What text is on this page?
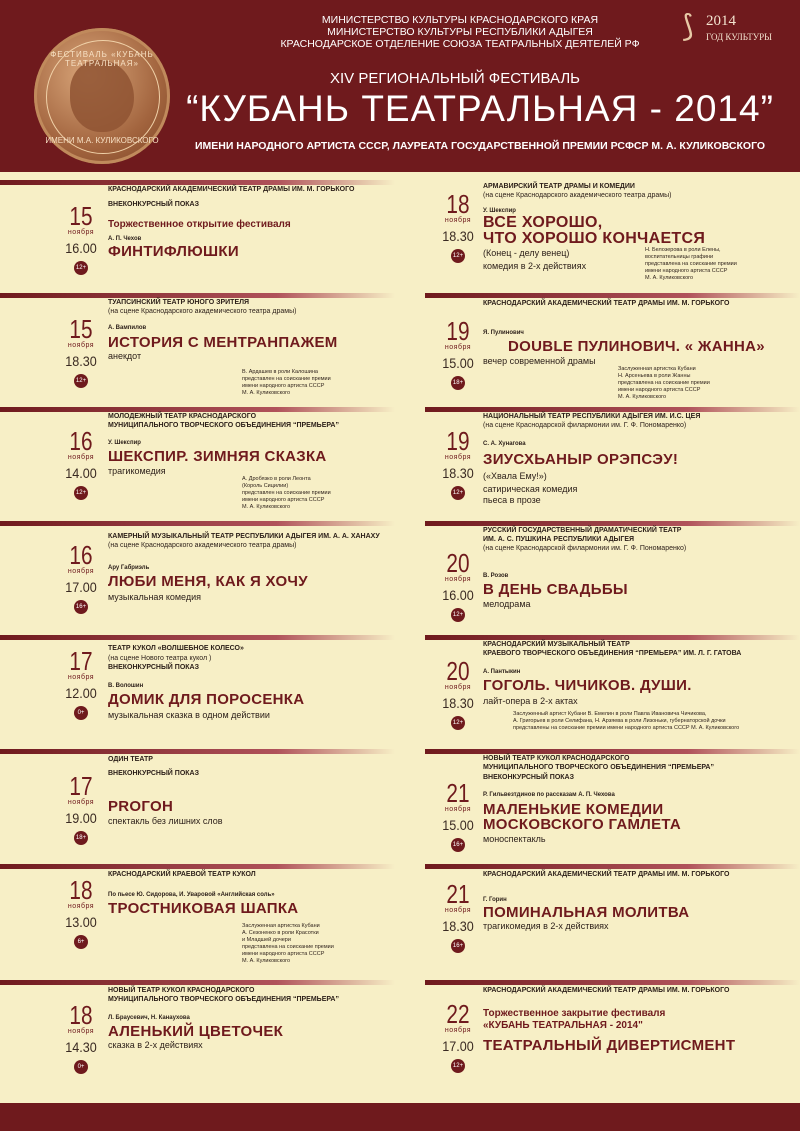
ФЕСТИВАЛЬ «КУБАНЬ ТЕАТРАЛЬНАЯ»
ИМЕНИ М.А. КУЛИКОВСКОГО
МИНИСТЕРСТВО КУЛЬТУРЫ КРАСНОДАРСКОГО КРАЯ
МИНИСТЕРСТВО КУЛЬТУРЫ РЕСПУБЛИКИ АДЫГЕЯ
КРАСНОДАРСКОЕ ОТДЕЛЕНИЕ СОЮЗА ТЕАТРАЛЬНЫХ ДЕЯТЕЛЕЙ РФ
⟆ 2014
ГОД КУЛЬТУРЫ
XIV РЕГИОНАЛЬНЫЙ ФЕСТИВАЛЬ
“КУБАНЬ ТЕАТРАЛЬНАЯ - 2014”
ИМЕНИ НАРОДНОГО АРТИСТА СССР, ЛАУРЕАТА ГОСУДАРСТВЕННОЙ ПРЕМИИ РСФСР М. А. КУЛИКОВСКОГО
15
ноября
16.00
12+
КРАСНОДАРСКИЙ АКАДЕМИЧЕСКИЙ ТЕАТР ДРАМЫ ИМ. М. ГОРЬКОГО
ВНЕКОНКУРСНЫЙ ПОКАЗ
Торжественное открытие фестиваля
А. П. Чехов
ФИНТИФЛЮШКИ
15
ноября
18.30
12+
ТУАПСИНСКИЙ ТЕАТР ЮНОГО ЗРИТЕЛЯ
(на сцене Краснодарского академического театра драмы)
А. Вампилов
ИСТОРИЯ С МЕНТРАНПАЖЕМ
анекдот
В. Ардашев в роли Калошина
представлен на соискание премии
имени народного артиста СССР
М. А. Куликовского
16
ноября
14.00
12+
МОЛОДЕЖНЫЙ ТЕАТР КРАСНОДАРСКОГО
МУНИЦИПАЛЬНОГО ТВОРЧЕСКОГО ОБЪЕДИНЕНИЯ “ПРЕМЬЕРА”
У. Шекспир
ШЕКСПИР. ЗИМНЯЯ СКАЗКА
трагикомедия
А. Дробязко в роли Леонта
(Король Сицилии)
представлен на соискание премии
имени народного артиста СССР
М. А. Куликовского
16
ноября
17.00
16+
КАМЕРНЫЙ МУЗЫКАЛЬНЫЙ ТЕАТР РЕСПУБЛИКИ АДЫГЕЯ ИМ. А. А. ХАНАХУ
(на сцене Краснодарского академического театра драмы)
Ару Габриэль
ЛЮБИ МЕНЯ, КАК Я ХОЧУ
музыкальная комедия
17
ноября
12.00
0+
ТЕАТР КУКОЛ «ВОЛШЕБНОЕ КОЛЕСО»
(на сцене Нового театра кукол )
ВНЕКОНКУРСНЫЙ ПОКАЗ
В. Волошин
ДОМИК ДЛЯ ПОРОСЕНКА
музыкальная сказка в одном действии
17
ноября
19.00
18+
ОДИН ТЕАТР
ВНЕКОНКУРСНЫЙ ПОКАЗ
PROГОН
спектакль без лишних слов
18
ноября
13.00
6+
КРАСНОДАРСКИЙ КРАЕВОЙ ТЕАТР КУКОЛ
По пьесе Ю. Сидорова, И. Уваровой «Английская соль»
ТРОСТНИКОВАЯ ШАПКА
Заслуженная артистка Кубани
А. Сезоненко в роли Красотки
и Младшей дочери
представлена на соискание премии
имени народного артиста СССР
М. А. Куликовского
18
ноября
14.30
0+
НОВЫЙ ТЕАТР КУКОЛ КРАСНОДАРСКОГО
МУНИЦИПАЛЬНОГО ТВОРЧЕСКОГО ОБЪЕДИНЕНИЯ “ПРЕМЬЕРА”
Л. Браусевич, Н. Канаухова
АЛЕНЬКИЙ ЦВЕТОЧЕК
сказка в 2-х действиях
18
ноября
18.30
12+
АРМАВИРСКИЙ ТЕАТР ДРАМЫ И КОМЕДИИ
(на сцене Краснодарского академического театра драмы)
У. Шекспир
ВСЕ ХОРОШО,
ЧТО ХОРОШО КОНЧАЕТСЯ
(Конец - делу венец)
комедия в 2-х действиях
Н. Белозерова в роли Елены,
воспитательницы графини
представлена на соискание премии
имени народного артиста СССР
М. А. Куликовского
19
ноября
15.00
18+
КРАСНОДАРСКИЙ АКАДЕМИЧЕСКИЙ ТЕАТР ДРАМЫ ИМ. М. ГОРЬКОГО
Я. Пулинович
DOUBLE ПУЛИНОВИЧ. « ЖАННА»
вечер современной драмы
Заслуженная артистка Кубани
Н. Арсеньева в роли Жанны
представлена на соискание премии
имени народного артиста СССР
М. А. Куликовского
19
ноября
18.30
12+
НАЦИОНАЛЬНЫЙ ТЕАТР РЕСПУБЛИКИ АДЫГЕЯ ИМ. И.С. ЦЕЯ
(на сцене Краснодарской филармонии им. Г. Ф. Пономаренко)
С. А. Хунагова
ЗИУСХЬАНЫР ОРЭПСЭУ!
(«Хвала Ему!»)
сатирическая комедия
пьеса в прозе
20
ноября
16.00
12+
РУССКИЙ ГОСУДАРСТВЕННЫЙ ДРАМАТИЧЕСКИЙ ТЕАТР
ИМ. А. С. ПУШКИНА РЕСПУБЛИКИ АДЫГЕЯ
(на сцене Краснодарской филармонии им. Г. Ф. Пономаренко)
В. Розов
В ДЕНЬ СВАДЬБЫ
мелодрама
20
ноября
18.30
12+
КРАСНОДАРСКИЙ МУЗЫКАЛЬНЫЙ ТЕАТР
КРАЕВОГО ТВОРЧЕСКОГО ОБЪЕДИНЕНИЯ “ПРЕМЬЕРА” ИМ. Л. Г. ГАТОВА
А. Пантыкин
ГОГОЛЬ. ЧИЧИКОВ. ДУШИ.
лайт-опера в 2-х актах
Заслуженный артист Кубани В. Емелин в роли Павла Ивановича Чичикова,
А. Григорьев в роли Селифана, Н. Арзяева в роли Лизоньки, губернаторской дочки
представлены на соискание премии имени народного артиста СССР М. А. Куликовского
21
ноября
15.00
16+
НОВЫЙ ТЕАТР КУКОЛ КРАСНОДАРСКОГО
МУНИЦИПАЛЬНОГО ТВОРЧЕСКОГО ОБЪЕДИНЕНИЯ “ПРЕМЬЕРА”
ВНЕКОНКУРСНЫЙ ПОКАЗ
Р. Гильвезтдинов по рассказам А. П. Чехова
МАЛЕНЬКИЕ КОМЕДИИ
МОСКОВСКОГО ГАМЛЕТА
моноспектакль
21
ноября
18.30
16+
КРАСНОДАРСКИЙ АКАДЕМИЧЕСКИЙ ТЕАТР ДРАМЫ ИМ. М. ГОРЬКОГО
Г. Горин
ПОМИНАЛЬНАЯ МОЛИТВА
трагикомедия в 2-х действиях
22
ноября
17.00
12+
КРАСНОДАРСКИЙ АКАДЕМИЧЕСКИЙ ТЕАТР ДРАМЫ ИМ. М. ГОРЬКОГО
Торжественное закрытие фестиваля
«КУБАНЬ ТЕАТРАЛЬНАЯ - 2014"
ТЕАТРАЛЬНЫЙ ДИВЕРТИСМЕНТ
